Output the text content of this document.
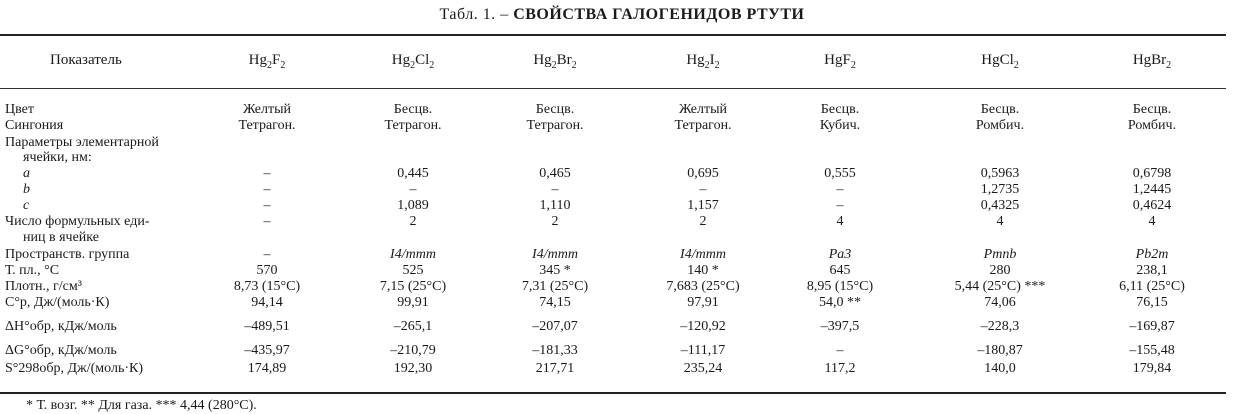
Табл. 1. – СВОЙСТВА ГАЛОГЕНИДОВ РТУТИ
Показатель	$Hg_2F_2$	$Hg_2Cl_2$	$Hg_2Br_2$	$Hg_2I_2$	HgF$_2$	HgCl$_2$	HgBr$_2$
Цвет	Желтый	Бесцв.	Бесцв.	Желтый	Бесцв.	Бесцв.	Бесцв.
Сингония	Тетрагон.	Тетрагон.	Тетрагон.	Тетрагон.	Кубич.	Ромбич.	Ромбич.
Параметры элементарной
ячейки, нм:
a	–	0,445	0,465	0,695	0,555	0,5963	0,6798
b	–	–	–	–	–	1,2735	1,2445
c	–	1,089	1,110	1,157	–	0,4325	0,4624
Число формульных еди-	–	2	2	2	4	4	4
ниц в ячейке
Пространств. группа	–	I4/mmm	I4/mmm	I4/mmm	Pa3	Pmnb	Pb2m
Т. пл., °С	570	525	345 *	140 *	645	280	238,1
Плотн., г/см³	8,73 (15°C)	7,15 (25°C)	7,31 (25°C)	7,683 (25°C)	8,95 (15°C)	5,44 (25°C) ***	6,11 (25°C)
C°p, Дж/(моль·К)	94,14	99,91	74,15	97,91	54,0 **	74,06	76,15
ΔH°обр, кДж/моль	–489,51	–265,1	–207,07	–120,92	–397,5	–228,3	–169,87
ΔG°обр, кДж/моль	–435,97	–210,79	–181,33	–111,17	–	–180,87	–155,48
S°298обр, Дж/(моль·К)	174,89	192,30	217,71	235,24	117,2	140,0	179,84
* Т. возг. ** Для газа. *** 4,44 (280°С).
